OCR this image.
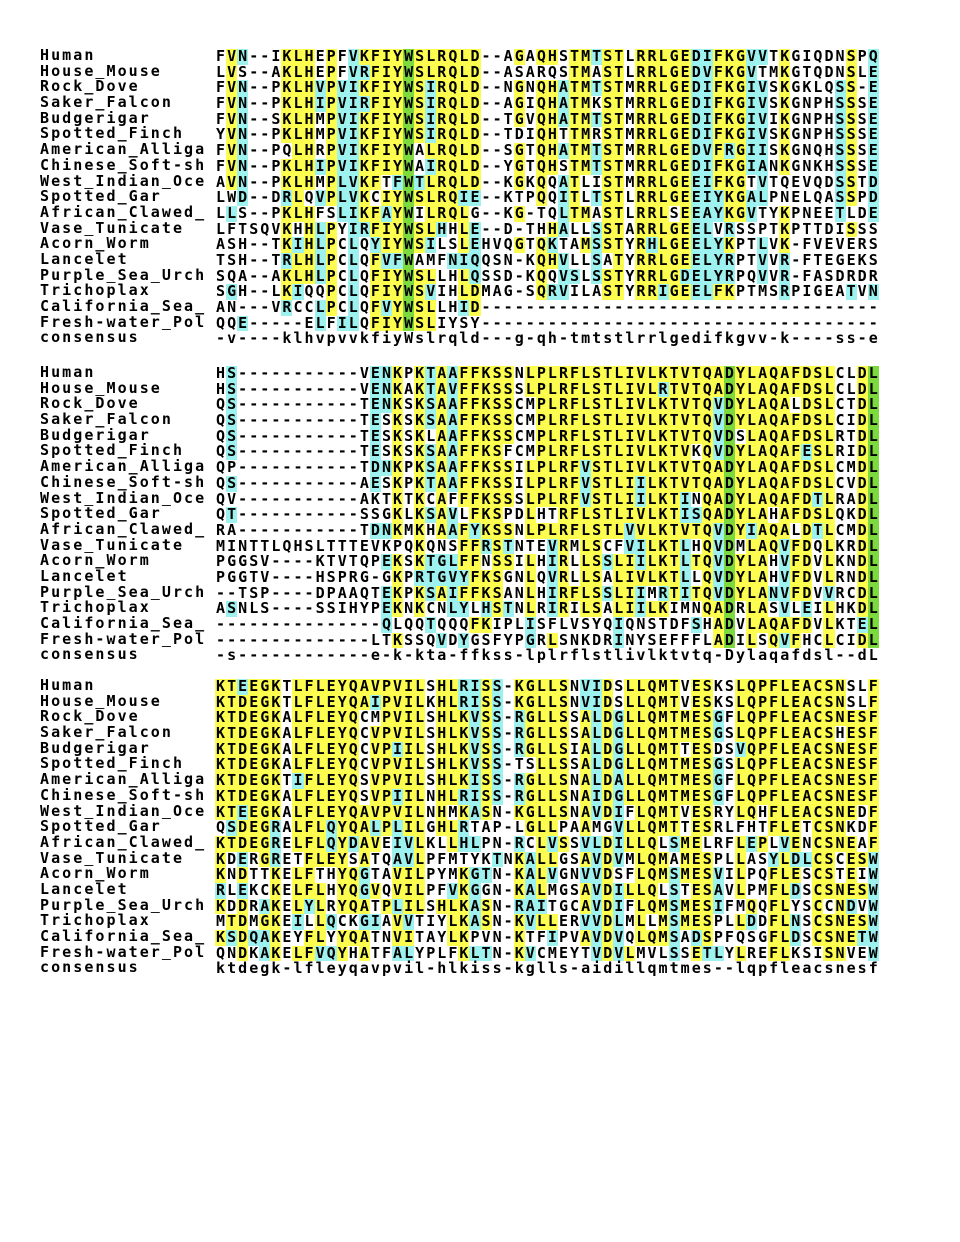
Human	F V N - - I K L H E P F V K F I Y W S L R Q L D - - A G A Q H S T M T S T L R R L G E D I F K G V V T K G I Q D N S P Q
House_Mouse	L V S - - A K L H E P F V R F I Y W S L R Q L D - - A S A R Q S T M A S T L R R L G E D V F K G V T M K G T Q D N S L E
Rock_Dove	F V N - - P K L H V P V I K F I Y W S I R Q L D - - N G N Q H A T M T S T M R R L G E D I F K G I V S K G K L Q S S - E
Saker_Falcon	F V N - - P K L H I P V I R F I Y W S I R Q L D - - A G I Q H A T M K S T M R R L G E D I F K G I V S K G N P H S S S E
Budgerigar	F V N - - S K L H M P V I K F I Y W S I R Q L D - - T G V Q H A T M T S T M R R L G E D I F K G I V I K G N P H S S S E
Spotted_Finch	Y V N - - P K L H M P V I K F I Y W S I R Q L D - - T D I Q H T T M R S T M R R L G E D I F K G I V S K G N P H S S S E
American_Alliga F V N - - P Q L H R P V I K F I Y W A L R Q L D - - S G T Q H A T M T S T M R R L G E D V F R G I I S K G N Q H S S S E
Chinese_Soft-sh F V N - - P K L H I P V I K F I Y W A I R Q L D - - Y G T Q H S T M T S T M R R L G E D I F K G I A N K G N K H S S S E
West_Indian_Oce A V N - - P K L H M P L V K F T F W T L R Q L D - - K G K Q Q A T L I S T M R R L G E E I F K G T V T Q E V Q D S S T D
Spotted_Gar	L W D - - D R L Q V P L V K C I Y W S L R Q I E - - K T P Q Q I T L T S T L R R L G E E I Y K G A L P N E L Q A S S P D
African_Clawed_ L L S - - P K L H F S L I K F A Y W I L R Q L G - - K G - T Q L T M A S T L R R L S E E A Y K G V T Y K P N E E T L D E
Vase_Tunicate	L F T S Q V K H H L P Y I R F I Y W S L H H L E - - D - T H H A L L S S T A R R L G E E L V R S S P T K P T T D I S S S
Acorn_Worm	A S H - - T K I H L P C L Q Y I Y W S I L S L E H V Q G T Q K T A M S S T Y R H L G E E L Y K P T L V K - F V E V E R S
Lancelet	T S H - - T R L H L P C L Q F V F W A M F N I Q Q S N - K Q H V L L S A T Y R R L G E E L Y R P T V V R - F T E G E K S
Purple_Sea_Urch S Q A - - A K L H L P C L Q F I Y W S L L H L Q S S D - K Q Q V S L S S T Y R R L G D E L Y R P Q V V R - F A S D R D R
Trichoplax	S G H - - L K I Q Q P C L Q F I Y W S V I H L D M A G - S Q R V I L A S T Y R R I G E E L F K P T M S R P I G E A T V N
California_Sea_ A N - - - V R C C L P C L Q F V Y W S L L H I D - - - - - - - - - - - - - - - - - - - - - - - - - - - - - - - - - - - -
Fresh-water_Pol Q Q E - - - - - E L F I L Q F I Y W S L I Y S Y - - - - - - - - - - - - - - - - - - - - - - - - - - - - - - - - - - - -
consensus	- v - - - - k l h v p v v k f i y W s l r q l d - - - g - q h - t m t s t l r r l g e d i f k g v v - k - - - - s s - e
Human	H S - - - - - - - - - - - V E N K P K T A A F F K S S N L P L R F L S T L I V L K T V T Q A D Y L A Q A F D S L C L D L
House_Mouse	H S - - - - - - - - - - - V E N K A K T A V F F K S S S L P L R F L S T L I V L R T V T Q A D Y L A Q A F D S L C L D L
Rock_Dove	Q S - - - - - - - - - - - T E N K S K S A A F F K S S C M P L R F L S T L I V L K T V T Q V D Y L A Q A L D S L C T D L
Saker_Falcon	Q S - - - - - - - - - - - T E S K S K S A A F F K S S C M P L R F L S T L I V L K T V T Q V D Y L A Q A F D S L C I D L
Budgerigar	Q S - - - - - - - - - - - T E S K S K L A A F F K S S C M P L R F L S T L I V L K T V T Q V D S L A Q A F D S L R T D L
Spotted_Finch	Q S - - - - - - - - - - - T E S K S K S A A F F K S F C M P L R F L S T L I V L K T V K Q V D Y L A Q A F E S L R I D L
American_Alliga Q P - - - - - - - - - - - T D N K P K S A A F F K S S I L P L R F V S T L I V L K T V T Q A D Y L A Q A F D S L C M D L
Chinese_Soft-sh Q S - - - - - - - - - - - A E S K P K T A A F F K S S I L P L R F V S T L I I L K T V T Q A D Y L A Q A F D S L C V D L
West_Indian_Oce Q V - - - - - - - - - - - A K T K T K C A F F F K S S S L P L R F V S T L I I L K T I N Q A D Y L A Q A F D T L R A D L
Spotted_Gar	Q T - - - - - - - - - - - S S G K L K S A V L F K S P D L H T R F L S T L I V L K T I S Q A D Y L A H A F D S L Q K D L
African_Clawed_ R A - - - - - - - - - - - T D N K M K H A A F Y K S S N L P L R F L S T L V V L K T V T Q V D Y I A Q A L D T L C M D L
Vase_Tunicate	M I N T T L Q H S L T T T E V K P Q K Q N S F F R S T N T E V R M L S C F V I L K T L H Q V D M L A Q V F D Q L K R D L
Acorn_Worm	P G G S V - - - - K T V T Q P E K S K T G L F F N S S I L H I R L L S S L I I L K T L T Q V D Y L A H V F D V L K N D L
Lancelet	P G G T V - - - - H S P R G - G K P R T G V Y F K S G N L Q V R L L S A L I V L K T L L Q V D Y L A H V F D V L R N D L
Purple_Sea_Urch - - T S P - - - - D P A A Q T E K P K S A I F F K S A N L H I R F L S S L I I M R T I T Q V D Y L A N V F D V V R C D L
Trichoplax	A S N L S - - - - S S I H Y P E K N K C N L Y L H S T N L R I R I L S A L I I L K I M N Q A D R L A S V L E I L H K D L
California_Sea_ - - - - - - - - - - - - - - - Q L Q Q T Q Q Q F K I P L I S F L V S Y Q I Q N S T D F S H A D V L A Q A F D V L K T E L
Fresh-water_Pol - - - - - - - - - - - - - - L T K S S Q V D Y G S F Y P G R L S N K D R I N Y S E F F F L A D I L S Q V F H C L C I D L
consensus	- s - - - - - - - - - - - - e - k - k t a - f f k s s - l p l r f l s t l i v l k t v t q - D y l a q a f d s l - - d L
Human	K T E E G K T L F L E Y Q A V P V I L S H L R I S S - K G L L S N V I D S L L Q M T V E S K S L Q P F L E A C S N S L F
House_Mouse	K T D E G K T L F L E Y Q A I P V I L K H L R I S S - K G L L S N V I D S L L Q M T V E S K S L Q P F L E A C S N S L F
Rock_Dove	K T D E G K A L F L E Y Q C M P V I L S H L K V S S - R G L L S S A L D G L L Q M T M E S G F L Q P F L E A C S N E S F
Saker_Falcon	K T D E G K A L F L E Y Q C V P V I L S H L K V S S - R G L L S S A L D G L L Q M T M E S G S L Q P F L E A C S H E S F
Budgerigar	K T D E G K A L F L E Y Q C V P I I L S H L K V S S - R G L L S I A L D G L L Q M T T E S D S V Q P F L E A C S N E S F
Spotted_Finch	K T D E G K A L F L E Y Q C V P V I L S H L K V S S - T S L L S S A L D G L L Q M T M E S G S L Q P F L E A C S N E S F
American_Alliga K T D E G K T I F L E Y Q S V P V I L S H L K I S S - R G L L S N A L D A L L Q M T M E S G F L Q P F L E A C S N E S F
Chinese_Soft-sh K T D E G K A L F L E Y Q S V P I I L N H L R I S S - R G L L S N A I D G L L Q M T M E S G F L Q P F L E A C S N E S F
West_Indian_Oce K T E E G K A L F L E Y Q A V P V I L N H M K A S N - K G L L S N A V D I F L Q M T V E S R Y L Q H F L E A C S N E D F
Spotted_Gar	Q S D E G R A L F L Q Y Q A L P L I L G H L R T A P - L G L L P A A M G V L L Q M T T E S R L F H T F L E T C S N K D F
African_Clawed_ K T D E G R E L F L Q Y D A V E I V L K L L H L P N - R C L V S S V L D I L L Q L S M E L R F L E P L V E N C S N E A F
Vase_Tunicate	K D E R G R E T F L E Y S A T Q A V L P F M T Y K T N K A L L G S A V D V M L Q M A M E S P L L A S Y L D L C S C E S W
Acorn_Worm	K N D T T K E L F T H Y Q G T A V I L P Y M K G T N - K A L V G N V V D S F L Q M S M E S V I L P Q F L E S C S T E I W
Lancelet	R L E K C K E L F L H Y Q G V Q V I L P F V K G G N - K A L M G S A V D I L L Q L S T E S A V L P M F L D S C S N E S W
Purple_Sea_Urch K D D R A K E L Y L R Y Q A T P L I L S H L K A S N - R A I T G C A V D I F L Q M S M E S I F M Q Q F L Y S C C N D V W
Trichoplax	M T D M G K E I L L Q C K G I A V V T I Y L K A S N - K V L L E R V V D L M L L M S M E S P L L D D F L N S C S N E S W
California_Sea_ K S D Q A K E Y F L Y Y Q A T N V I T A Y L K P V N - K T F I P V A V D V Q L Q M S A D S P F Q S G F L D S C S N E T W
Fresh-water_Pol Q N D K A K E L F V Q Y H A T F A L Y P L F K L T N - K V C M E Y T V D V L M V L S S E T L Y L R E F L K S I S N V E W
consensus	k t d e g k - l f l e y q a v p v i l - h l k i s s - k g l l s - a i d i l l q m t m e s - - l q p f l e a c s n e s f
